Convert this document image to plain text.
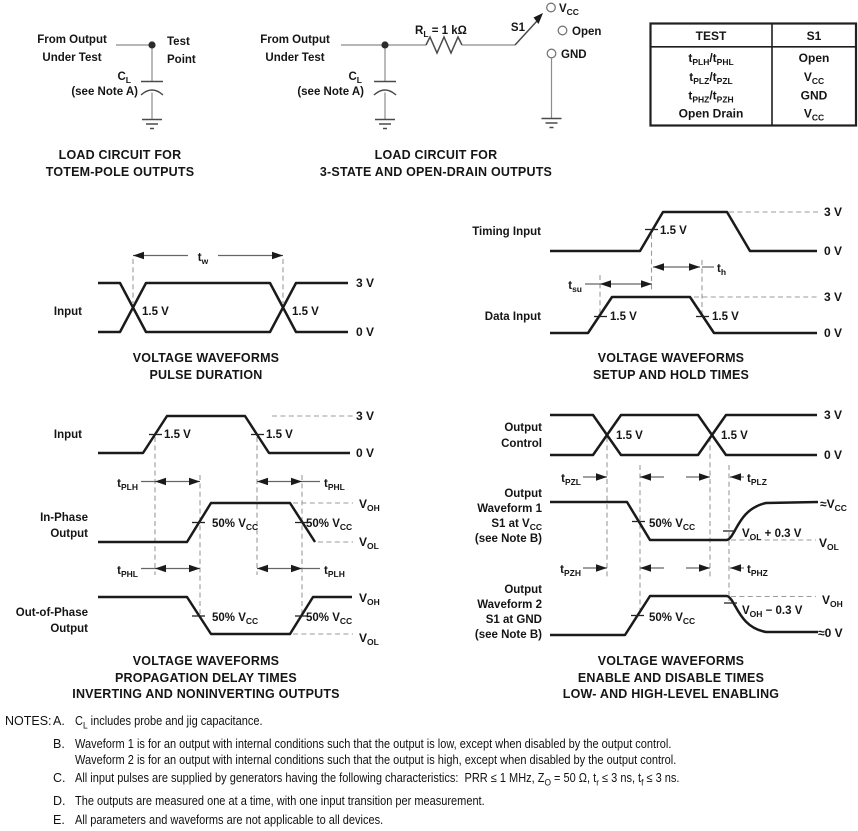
From Output
Under Test
Test
Point
$C_L$
(see Note A)
LOAD CIRCUIT FOR
TOTEM-POLE OUTPUTS
From Output
Under Test
$R_L = 1$ kΩ
$C_L$
(see Note A)
S1
$V_{CC}$
Open
GND
LOAD CIRCUIT FOR
3-STATE AND OPEN-DRAIN OUTPUTS
TEST	S1
$t_{PLH}/t_{PHL}$	Open
$t_{PLZ}/t_{PZL}$	$V_{CC}$
$t_{PHZ}/t_{PZH}$	GND
Open Drain	$V_{CC}$
$t_w$
Input	1.5 V	1.5 V
3 V
0 V
VOLTAGE WAVEFORMS
PULSE DURATION
Timing Input	1.5 V
3 V
0 V
$t_{su}$
$t_h$
Data Input	1.5 V	1.5 V
3 V
0 V
VOLTAGE WAVEFORMS
SETUP AND HOLD TIMES
Input	1.5 V	1.5 V
3 V
0 V
$t_{PLH}$	$t_{PHL}$
In-Phase
Output
50% $V_{CC}$	50% $V_{CC}$
$V_{OH}$
$V_{OL}$
$t_{PHL}$	$t_{PLH}$
Out-of-Phase
Output
50% $V_{CC}$	50% $V_{CC}$
$V_{OH}$
$V_{OL}$
VOLTAGE WAVEFORMS
PROPAGATION DELAY TIMES
INVERTING AND NONINVERTING OUTPUTS
Output
Control
1.5 V	1.5 V
3 V
0 V
$t_{PZL}$	$t_{PLZ}$
Output
Waveform 1
S1 at $V_{CC}$
(see Note B)
50% $V_{CC}$
$V_{OL} + 0.3$ V
$\approx V_{CC}$
$V_{OL}$
$t_{PZH}$	$t_{PHZ}$
Output
Waveform 2
S1 at GND
(see Note B)
50% $V_{CC}$
$V_{OH} - 0.3$ V
$V_{OH}$
≈0 V
VOLTAGE WAVEFORMS
ENABLE AND DISABLE TIMES
LOW- AND HIGH-LEVEL ENABLING
NOTES: A. $C_L$ includes probe and jig capacitance.
B. Waveform 1 is for an output with internal conditions such that the output is low, except when disabled by the output control.
Waveform 2 is for an output with internal conditions such that the output is high, except when disabled by the output control.
C. All input pulses are supplied by generators having the following characteristics:  PRR ≤ 1 MHz, $Z_O = 50$ Ω, $t_r \le 3$ ns, $t_f \le 3$ ns.
D. The outputs are measured one at a time, with one input transition per measurement.
E. All parameters and waveforms are not applicable to all devices.
